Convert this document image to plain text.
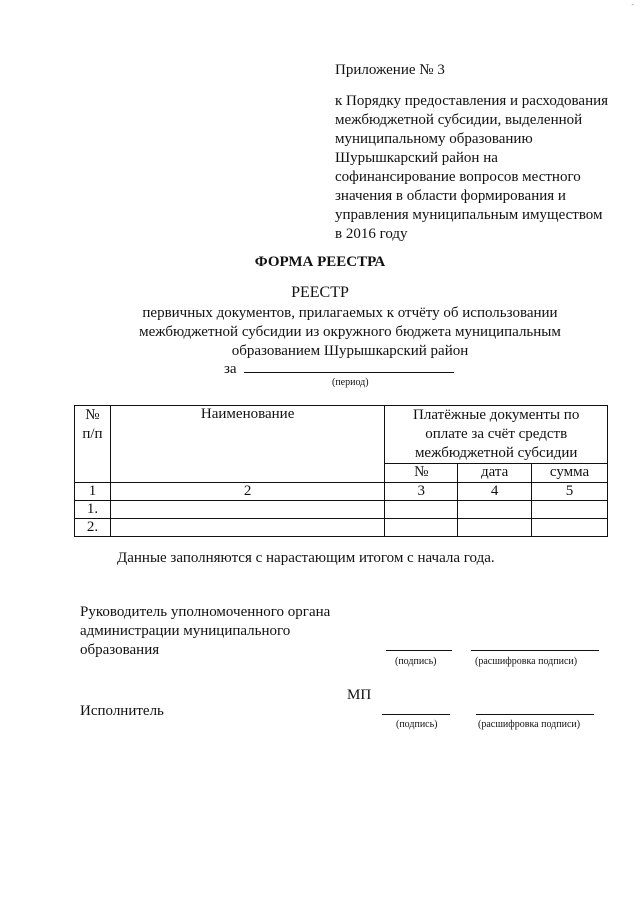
-
Приложение № 3
к Порядку предоставления и расходования
межбюджетной субсидии, выделенной
муниципальному образованию
Шурышкарский район на
софинансирование вопросов местного
значения в области формирования и
управления муниципальным имуществом
в 2016 году
ФОРМА РЕЕСТРА
РЕЕСТР
первичных документов, прилагаемых к отчёту об использовании
межбюджетной субсидии из окружного бюджета муниципальным
образованием Шурышкарский район
за
(период)
№ п/п	Наименование	Платёжные документы по оплате за счёт средств межбюджетной субсидии		

		№	дата	сумма
1	2	3	4	5
1.				
2.				
Данные заполняются с нарастающим итогом с начала года.
Руководитель уполномоченного органа
администрации муниципального
образования
(подпись)	(расшифровка подписи)
МП
Исполнитель
(подпись)	(расшифровка подписи)
